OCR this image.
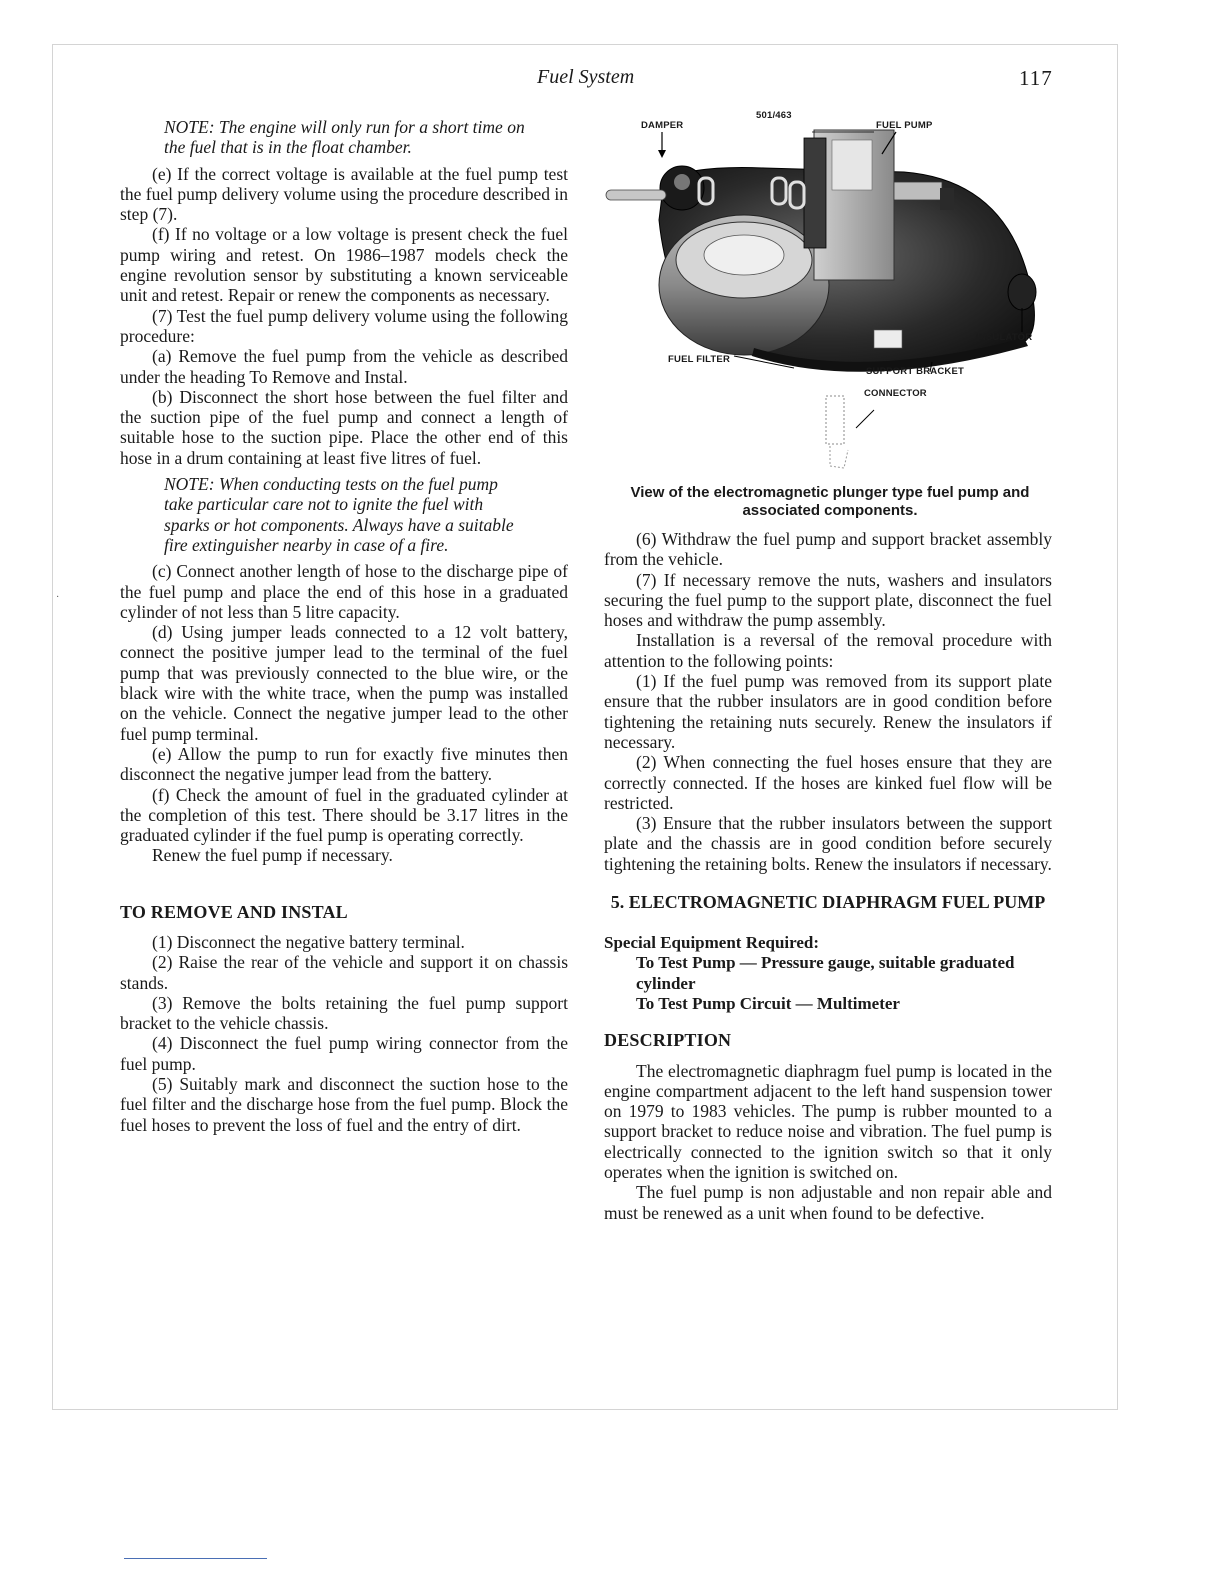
Fuel System	117
·

NOTE: The engine will only run for a short time on the fuel that is in the float chamber.

(e) If the correct voltage is available at the fuel pump test the fuel pump delivery volume using the procedure described in step (7).

(f) If no voltage or a low voltage is present check the fuel pump wiring and retest. On 1986–1987 models check the engine revolution sensor by substituting a known serviceable unit and retest. Repair or renew the components as necessary.

(7) Test the fuel pump delivery volume using the following procedure:

(a) Remove the fuel pump from the vehicle as described under the heading To Remove and Instal.

(b) Disconnect the short hose between the fuel filter and the suction pipe of the fuel pump and connect a length of suitable hose to the suction pipe. Place the other end of this hose in a drum containing at least five litres of fuel.

NOTE: When conducting tests on the fuel pump take particular care not to ignite the fuel with sparks or hot components. Always have a suitable fire extinguisher nearby in case of a fire.

(c) Connect another length of hose to the discharge pipe of the fuel pump and place the end of this hose in a graduated cylinder of not less than 5 litre capacity.

(d) Using jumper leads connected to a 12 volt battery, connect the positive jumper lead to the terminal of the fuel pump that was previously connected to the blue wire, or the black wire with the white trace, when the pump was installed on the vehicle. Connect the negative jumper lead to the other fuel pump terminal.

(e) Allow the pump to run for exactly five minutes then disconnect the negative jumper lead from the battery.

(f) Check the amount of fuel in the graduated cylinder at the completion of this test. There should be 3.17 litres in the graduated cylinder if the fuel pump is operating correctly.

Renew the fuel pump if necessary.

TO REMOVE AND INSTAL

(1) Disconnect the negative battery terminal.

(2) Raise the rear of the vehicle and support it on chassis stands.

(3) Remove the bolts retaining the fuel pump support bracket to the vehicle chassis.

(4) Disconnect the fuel pump wiring connector from the fuel pump.

(5) Suitably mark and disconnect the suction hose to the fuel filter and the discharge hose from the fuel pump. Block the fuel hoses to prevent the loss of fuel and the entry of dirt.

501/463
DAMPER	FUEL PUMP
FUEL FILTER
INSULATOR
SUPPORT BRACKET
CONNECTOR
View of the electromagnetic plunger type fuel pump and associated components.

(6) Withdraw the fuel pump and support bracket assembly from the vehicle.

(7) If necessary remove the nuts, washers and insulators securing the fuel pump to the support plate, disconnect the fuel hoses and withdraw the pump assembly.

Installation is a reversal of the removal procedure with attention to the following points:

(1) If the fuel pump was removed from its support plate ensure that the rubber insulators are in good condition before tightening the retaining nuts securely. Renew the insulators if necessary.

(2) When connecting the fuel hoses ensure that they are correctly connected. If the hoses are kinked fuel flow will be restricted.

(3) Ensure that the rubber insulators between the support plate and the chassis are in good condition before securely tightening the retaining bolts. Renew the insulators if necessary.

5. ELECTROMAGNETIC DIAPHRAGM FUEL PUMP
Special Equipment Required:
To Test Pump — Pressure gauge, suitable graduated cylinder
To Test Pump Circuit — Multimeter
DESCRIPTION

The electromagnetic diaphragm fuel pump is located in the engine compartment adjacent to the left hand suspension tower on 1979 to 1983 vehicles. The pump is rubber mounted to a support bracket to reduce noise and vibration. The fuel pump is electrically connected to the ignition switch so that it only operates when the ignition is switched on.

The fuel pump is non adjustable and non repair able and must be renewed as a unit when found to be defective.
